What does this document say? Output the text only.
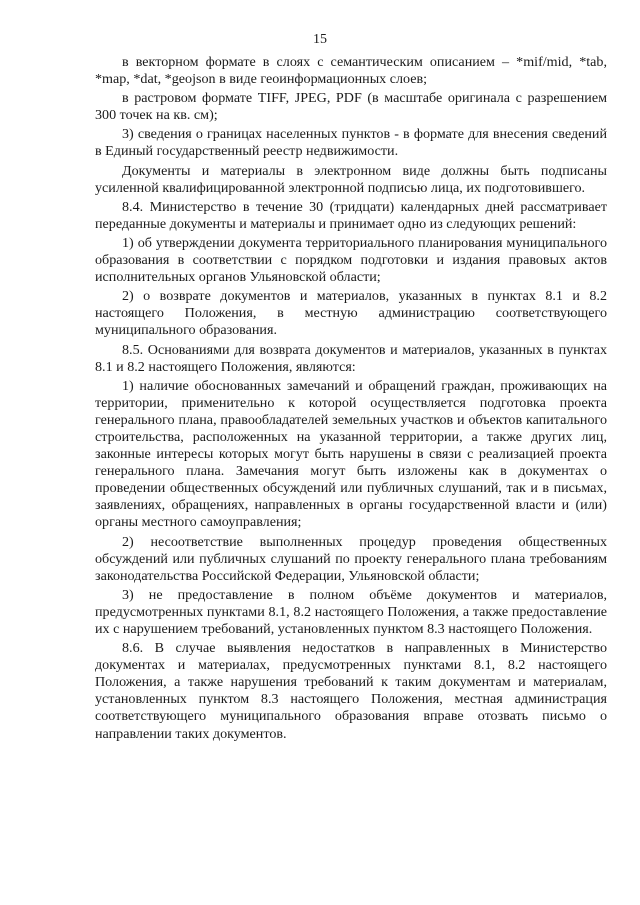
15

в векторном формате в слоях с семантическим описанием – *mif/mid, *tab, *map, *dat, *geojson в виде геоинформационных слоев;

в растровом формате TIFF, JPEG, PDF (в масштабе оригинала с разрешением 300 точек на кв. см);

3) сведения о границах населенных пунктов - в формате для внесения сведений в Единый государственный реестр недвижимости.

Документы и материалы в электронном виде должны быть подписаны усиленной квалифицированной электронной подписью лица, их подготовившего.

8.4. Министерство в течение 30 (тридцати) календарных дней рассматривает переданные документы и материалы и принимает одно из следующих решений:

1) об утверждении документа территориального планирования муниципального образования в соответствии с порядком подготовки и издания правовых актов исполнительных органов Ульяновской области;

2) о возврате документов и материалов, указанных в пунктах 8.1 и 8.2 настоящего Положения, в местную администрацию соответствующего муниципального образования.

8.5. Основаниями для возврата документов и материалов, указанных в пунктах 8.1 и 8.2 настоящего Положения, являются:

1) наличие обоснованных замечаний и обращений граждан, проживающих на территории, применительно к которой осуществляется подготовка проекта генерального плана, правообладателей земельных участков и объектов капитального строительства, расположенных на указанной территории, а также других лиц, законные интересы которых могут быть нарушены в связи с реализацией проекта генерального плана. Замечания могут быть изложены как в документах о проведении общественных обсуждений или публичных слушаний, так и в письмах, заявлениях, обращениях, направленных в органы государственной власти и (или) органы местного самоуправления;

2) несоответствие выполненных процедур проведения общественных обсуждений или публичных слушаний по проекту генерального плана требованиям законодательства Российской Федерации, Ульяновской области;

3) не предоставление в полном объёме документов и материалов, предусмотренных пунктами 8.1, 8.2 настоящего Положения, а также предоставление их с нарушением требований, установленных пунктом 8.3 настоящего Положения.

8.6. В случае выявления недостатков в направленных в Министерство документах и материалах, предусмотренных пунктами 8.1, 8.2 настоящего Положения, а также нарушения требований к таким документам и материалам, установленных пунктом 8.3 настоящего Положения, местная администрация соответствующего муниципального образования вправе отозвать письмо о направлении таких документов.
